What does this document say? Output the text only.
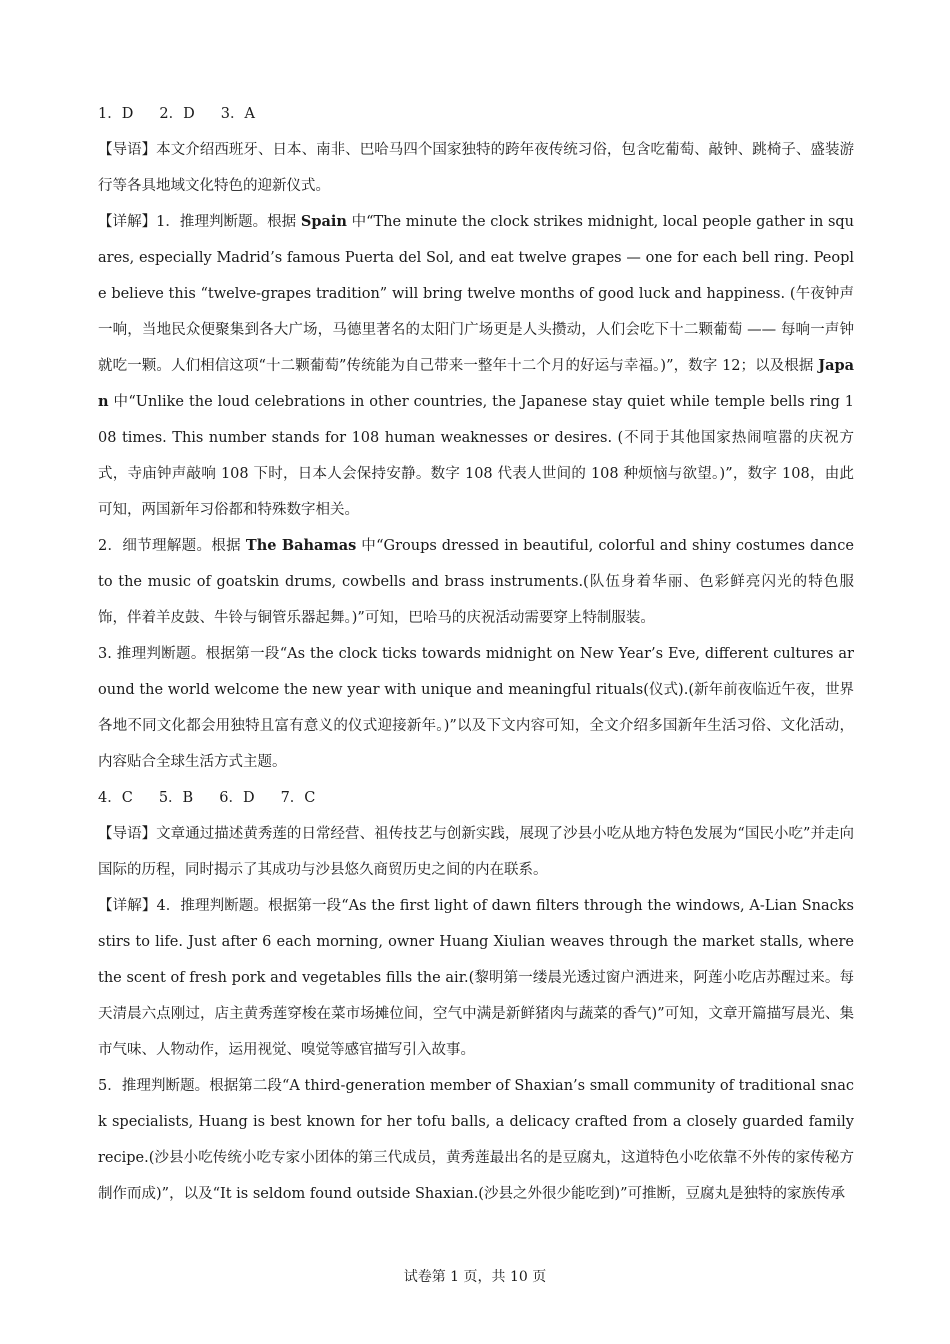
1．D 2．D 3．A

【导语】本文介绍西班牙、日本、南非、巴哈马四个国家独特的跨年夜传统习俗，包含吃葡萄、敲钟、跳椅子、盛装游行等各具地域文化特色的迎新仪式。

【详解】1．推理判断题。根据 Spain 中“The minute the clock strikes midnight, local people gather in squares, especially Madrid’s famous Puerta del Sol, and eat twelve grapes — one for each bell ring. People believe this “twelve-grapes tradition” will bring twelve months of good luck and happiness. (午夜钟声一响，当地民众便聚集到各大广场，马德里著名的太阳门广场更是人头攒动，人们会吃下十二颗葡萄 —— 每响一声钟就吃一颗。人们相信这项“十二颗葡萄”传统能为自己带来一整年十二个月的好运与幸福。)”，数字 12；以及根据 Japan 中“Unlike the loud celebrations in other countries, the Japanese stay quiet while temple bells ring 108 times. This number stands for 108 human weaknesses or desires. (不同于其他国家热闹喧嚣的庆祝方式，寺庙钟声敲响 108 下时，日本人会保持安静。数字 108 代表人世间的 108 种烦恼与欲望。)”，数字 108，由此可知，两国新年习俗都和特殊数字相关。

2．细节理解题。根据 The Bahamas 中“Groups dressed in beautiful, colorful and shiny costumes dance to the music of goatskin drums, cowbells and brass instruments.(队伍身着华丽、色彩鲜亮闪光的特色服饰，伴着羊皮鼓、牛铃与铜管乐器起舞。)”可知，巴哈马的庆祝活动需要穿上特制服装。

3. 推理判断题。根据第一段“As the clock ticks towards midnight on New Year’s Eve, different cultures around the world welcome the new year with unique and meaningful rituals(仪式).(新年前夜临近午夜，世界各地不同文化都会用独特且富有意义的仪式迎接新年。)”以及下文内容可知，全文介绍多国新年生活习俗、文化活动，内容贴合全球生活方式主题。

4．C 5．B 6．D 7．C

【导语】文章通过描述黄秀莲的日常经营、祖传技艺与创新实践，展现了沙县小吃从地方特色发展为“国民小吃”并走向国际的历程，同时揭示了其成功与沙县悠久商贸历史之间的内在联系。

【详解】4．推理判断题。根据第一段“As the first light of dawn filters through the windows, A-Lian Snacks stirs to life. Just after 6 each morning, owner Huang Xiulian weaves through the market stalls, where the scent of fresh pork and vegetables fills the air.(黎明第一缕晨光透过窗户洒进来，阿莲小吃店苏醒过来。每天清晨六点刚过，店主黄秀莲穿梭在菜市场摊位间，空气中满是新鲜猪肉与蔬菜的香气)”可知，文章开篇描写晨光、集市气味、人物动作，运用视觉、嗅觉等感官描写引入故事。

5．推理判断题。根据第二段“A third-generation member of Shaxian’s small community of traditional snack specialists, Huang is best known for her tofu balls, a delicacy crafted from a closely guarded family recipe.(沙县小吃传统小吃专家小团体的第三代成员，黄秀莲最出名的是豆腐丸，这道特色小吃依靠不外传的家传秘方制作而成)”，以及“It is seldom found outside Shaxian.(沙县之外很少能吃到)”可推断，豆腐丸是独特的家族传承

试卷第 1 页，共 10 页
